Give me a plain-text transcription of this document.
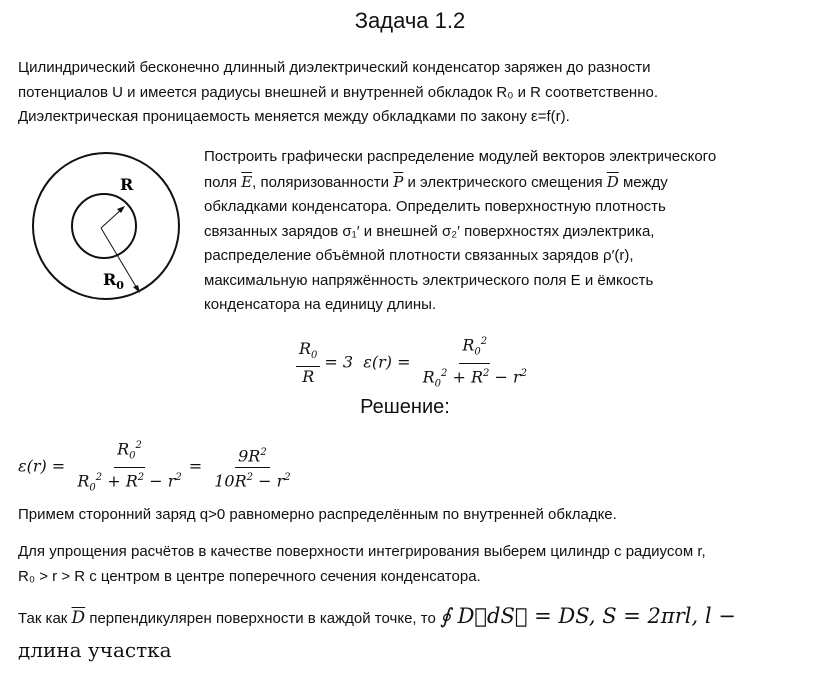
Задача 1.2
Цилиндрический бесконечно длинный диэлектрический конденсатор заряжен до разности
потенциалов U и имеется радиусы внешней и внутренней обкладок R₀ и R соответственно.
Диэлектрическая проницаемость меняется между обкладками по закону ε=f(r).
R
$R_0$
Построить графически распределение модулей векторов электрического
поля $\overline{E}$, поляризованности $\overline{P}$ и электрического смещения $\overline{D}$ между
обкладками конденсатора. Определить поверхностную плотность
связанных зарядов σ₁′ и внешней σ₂′ поверхностях диэлектрика,
распределение объёмной плотности связанных зарядов ρ′(r),
максимальную напряжённость электрического поля E и ёмкость
конденсатора на единицу длины.
$\frac{R_0}{R} = 3$ $\varepsilon(r) = \frac{R_0^2}{R_0^2 + R^2 - r^2}$
Решение:
$\varepsilon(r) = \frac{R_0^2}{R_0^2 + R^2 - r^2} = \frac{9R^2}{10R^2 - r^2}$
Примем сторонний заряд q>0 равномерно распределённым по внутренней обкладке.
Для упрощения расчётов в качестве поверхности интегрирования выберем цилиндр с радиусом r,
R₀ > r > R с центром в центре поперечного сечения конденсатора.
Так как $\overline{D}$ перпендикулярен поверхности в каждой точке, то ∮ D⃗dS⃗ = DS, S = 2πrl, l −
длина участка
